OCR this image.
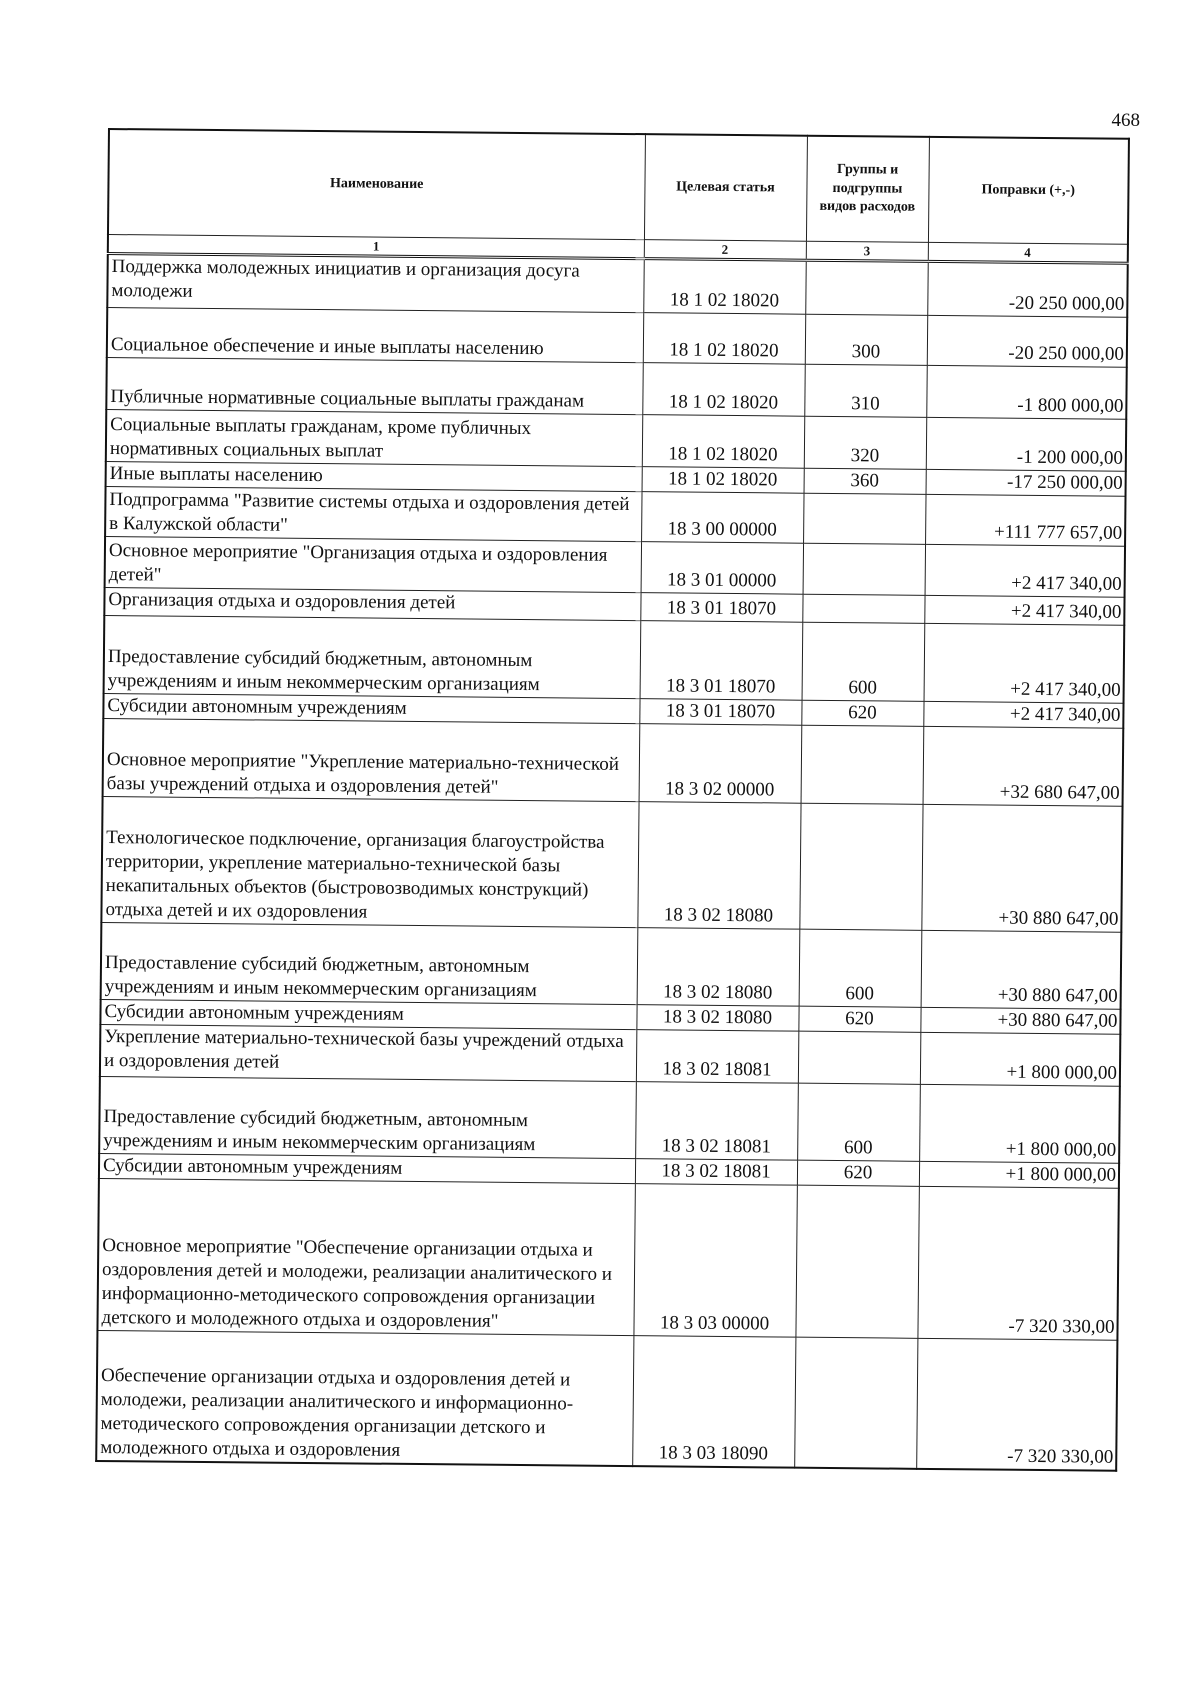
468
Наименование	Целевая статья	Группы и подгруппы видов расходов	Поправки (+,-)
1	2	3	4
Поддержка молодежных инициатив и организация досуга молодежи	18 1 02 18020		-20 250 000,00
Социальное обеспечение и иные выплаты населению	18 1 02 18020	300	-20 250 000,00
Публичные нормативные социальные выплаты гражданам	18 1 02 18020	310	-1 800 000,00
Социальные выплаты гражданам, кроме публичных нормативных социальных выплат	18 1 02 18020	320	-1 200 000,00
Иные выплаты населению	18 1 02 18020	360	-17 250 000,00
Подпрограмма "Развитие системы отдыха и оздоровления детей в Калужской области"	18 3 00 00000		+111 777 657,00
Основное мероприятие "Организация отдыха и оздоровления детей"	18 3 01 00000		+2 417 340,00
Организация отдыха и оздоровления детей	18 3 01 18070		+2 417 340,00
Предоставление субсидий бюджетным, автономным учреждениям и иным некоммерческим организациям	18 3 01 18070	600	+2 417 340,00
Субсидии автономным учреждениям	18 3 01 18070	620	+2 417 340,00
Основное мероприятие "Укрепление материально-технической базы учреждений отдыха и оздоровления детей"	18 3 02 00000		+32 680 647,00
Технологическое подключение, организация благоустройства территории, укрепление материально-технической базы некапитальных объектов (быстровозводимых конструкций) отдыха детей и их оздоровления	18 3 02 18080		+30 880 647,00
Предоставление субсидий бюджетным, автономным учреждениям и иным некоммерческим организациям	18 3 02 18080	600	+30 880 647,00
Субсидии автономным учреждениям	18 3 02 18080	620	+30 880 647,00
Укрепление материально-технической базы учреждений отдыха и оздоровления детей	18 3 02 18081		+1 800 000,00
Предоставление субсидий бюджетным, автономным учреждениям и иным некоммерческим организациям	18 3 02 18081	600	+1 800 000,00
Субсидии автономным учреждениям	18 3 02 18081	620	+1 800 000,00
Основное мероприятие "Обеспечение организации отдыха и оздоровления детей и молодежи, реализации аналитического и информационно-методического сопровождения организации детского и молодежного отдыха и оздоровления"	18 3 03 00000		-7 320 330,00
Обеспечение организации отдыха и оздоровления детей и молодежи, реализации аналитического и информационно-методического сопровождения организации детского и молодежного отдыха и оздоровления	18 3 03 18090		-7 320 330,00
